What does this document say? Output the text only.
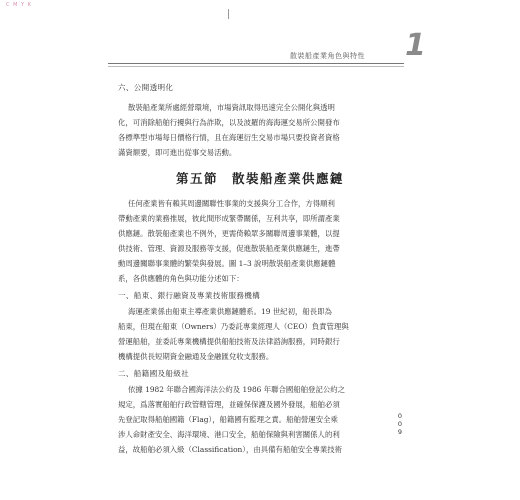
C M Y K
散裝船產業角色與特性 1
六、公開透明化
散裝船產業所處經營環境，市場資訊取得迅速完全公開化與透明
化，可消除船舶行擾與行為詐欺，以及波羅的海海運交易所公開發布
各標準型市場每日價格行情，且在海運衍生交易市場只要投資者資格
滿資額要，即可進出從事交易活動。
第五節　散裝船產業供應鏈
任何產業皆有賴其周邊關聯性事業的支援與分工合作，方得順利
帶動產業的業務推展，彼此間形成緊帶關係，互利共享，即所謂產業
供應鏈。散裝船產業也不例外，更需倚賴眾多關聯周邊事業體，以提
供技術、管理、資源及服務等支援，促進散裝船產業供應鏈生，進帶
動周邊關聯事業體的繁榮與發展。圖 1–3 說明散裝船產業供應鏈體
系，各供應體的角色與功能分述如下：
一、船東、銀行融資及專業技術服務機構
海運產業係由船東主導產業供應鏈體系。19 世紀初，船長即為
船東，但現在船東（Owners）乃委託專業經理人（CEO）負責管理與
營運船舶，並委託專業機構提供船舶技術及法律諮詢服務，同時銀行
機構提供長短期資金融通及金融匯兌收支服務。
二、船籍國及船級社
依據 1982 年聯合國海洋法公約及 1986 年聯合國船舶登記公約之
規定，爲落實船舶行政管轄管理，並確保保護及國外發展，船舶必須
先登記取得船舶國籍（Flag），船籍國有監理之責。船舶營運安全乘
涉人命財產安全、海洋環境、港口安全，船舶保險與利害關係人的利
益，故船舶必須入級（Classification），由具備有船舶安全專業技術
0
0
9
